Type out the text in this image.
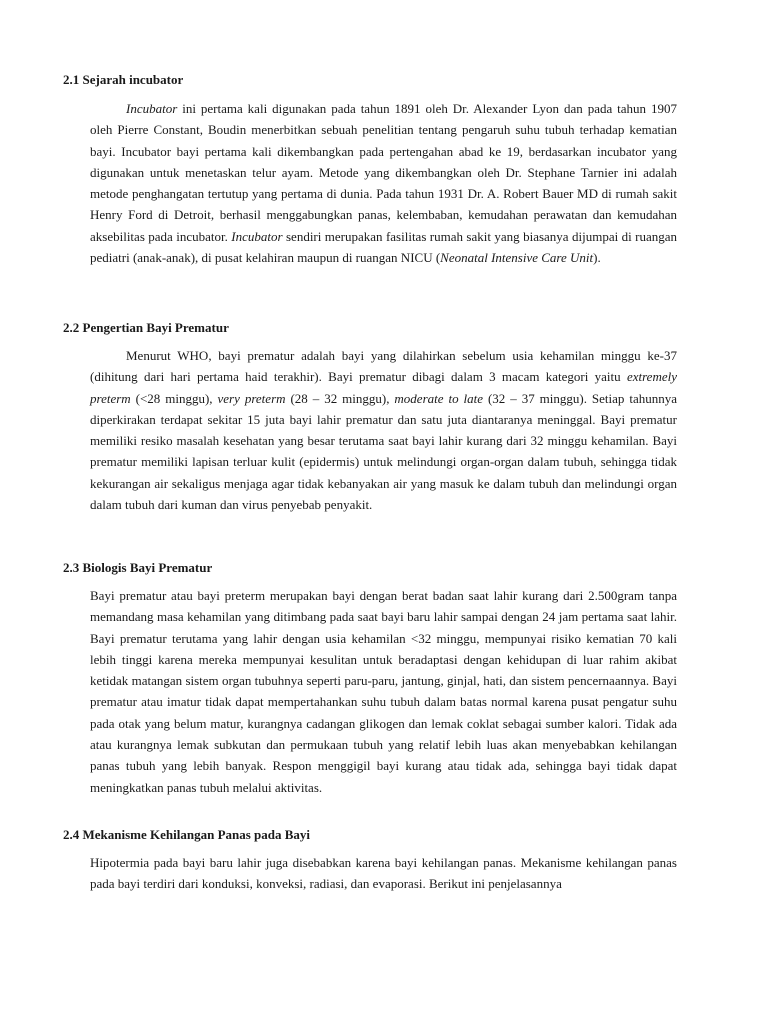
2.1 Sejarah incubator
Incubator ini pertama kali digunakan pada tahun 1891 oleh Dr. Alexander Lyon dan pada tahun 1907 oleh Pierre Constant, Boudin menerbitkan sebuah penelitian tentang pengaruh suhu tubuh terhadap kematian bayi. Incubator bayi pertama kali dikembangkan pada pertengahan abad ke 19, berdasarkan incubator yang digunakan untuk menetaskan telur ayam. Metode yang dikembangkan oleh Dr. Stephane Tarnier ini adalah metode penghangatan tertutup yang pertama di dunia. Pada tahun 1931 Dr. A. Robert Bauer MD di rumah sakit Henry Ford di Detroit, berhasil menggabungkan panas, kelembaban, kemudahan perawatan dan kemudahan aksebilitas pada incubator. Incubator sendiri merupakan fasilitas rumah sakit yang biasanya dijumpai di ruangan pediatri (anak-anak), di pusat kelahiran maupun di ruangan NICU (Neonatal Intensive Care Unit).
2.2 Pengertian Bayi Prematur
Menurut WHO, bayi prematur adalah bayi yang dilahirkan sebelum usia kehamilan minggu ke-37 (dihitung dari hari pertama haid terakhir). Bayi prematur dibagi dalam 3 macam kategori yaitu extremely preterm (<28 minggu), very preterm (28 – 32 minggu), moderate to late (32 – 37 minggu). Setiap tahunnya diperkirakan terdapat sekitar 15 juta bayi lahir prematur dan satu juta diantaranya meninggal. Bayi prematur memiliki resiko masalah kesehatan yang besar terutama saat bayi lahir kurang dari 32 minggu kehamilan. Bayi prematur memiliki lapisan terluar kulit (epidermis) untuk melindungi organ-organ dalam tubuh, sehingga tidak kekurangan air sekaligus menjaga agar tidak kebanyakan air yang masuk ke dalam tubuh dan melindungi organ dalam tubuh dari kuman dan virus penyebab penyakit.
2.3 Biologis Bayi Prematur
Bayi prematur atau bayi preterm merupakan bayi dengan berat badan saat lahir kurang dari 2.500gram tanpa memandang masa kehamilan yang ditimbang pada saat bayi baru lahir sampai dengan 24 jam pertama saat lahir. Bayi prematur terutama yang lahir dengan usia kehamilan <32 minggu, mempunyai risiko kematian 70 kali lebih tinggi karena mereka mempunyai kesulitan untuk beradaptasi dengan kehidupan di luar rahim akibat ketidak matangan sistem organ tubuhnya seperti paru-paru, jantung, ginjal, hati, dan sistem pencernaannya. Bayi prematur atau imatur tidak dapat mempertahankan suhu tubuh dalam batas normal karena pusat pengatur suhu pada otak yang belum matur, kurangnya cadangan glikogen dan lemak coklat sebagai sumber kalori. Tidak ada atau kurangnya lemak subkutan dan permukaan tubuh yang relatif lebih luas akan menyebabkan kehilangan panas tubuh yang lebih banyak. Respon menggigil bayi kurang atau tidak ada, sehingga bayi tidak dapat meningkatkan panas tubuh melalui aktivitas.
2.4 Mekanisme Kehilangan Panas pada Bayi
Hipotermia pada bayi baru lahir juga disebabkan karena bayi kehilangan panas. Mekanisme kehilangan panas pada bayi terdiri dari konduksi, konveksi, radiasi, dan evaporasi. Berikut ini penjelasannya
